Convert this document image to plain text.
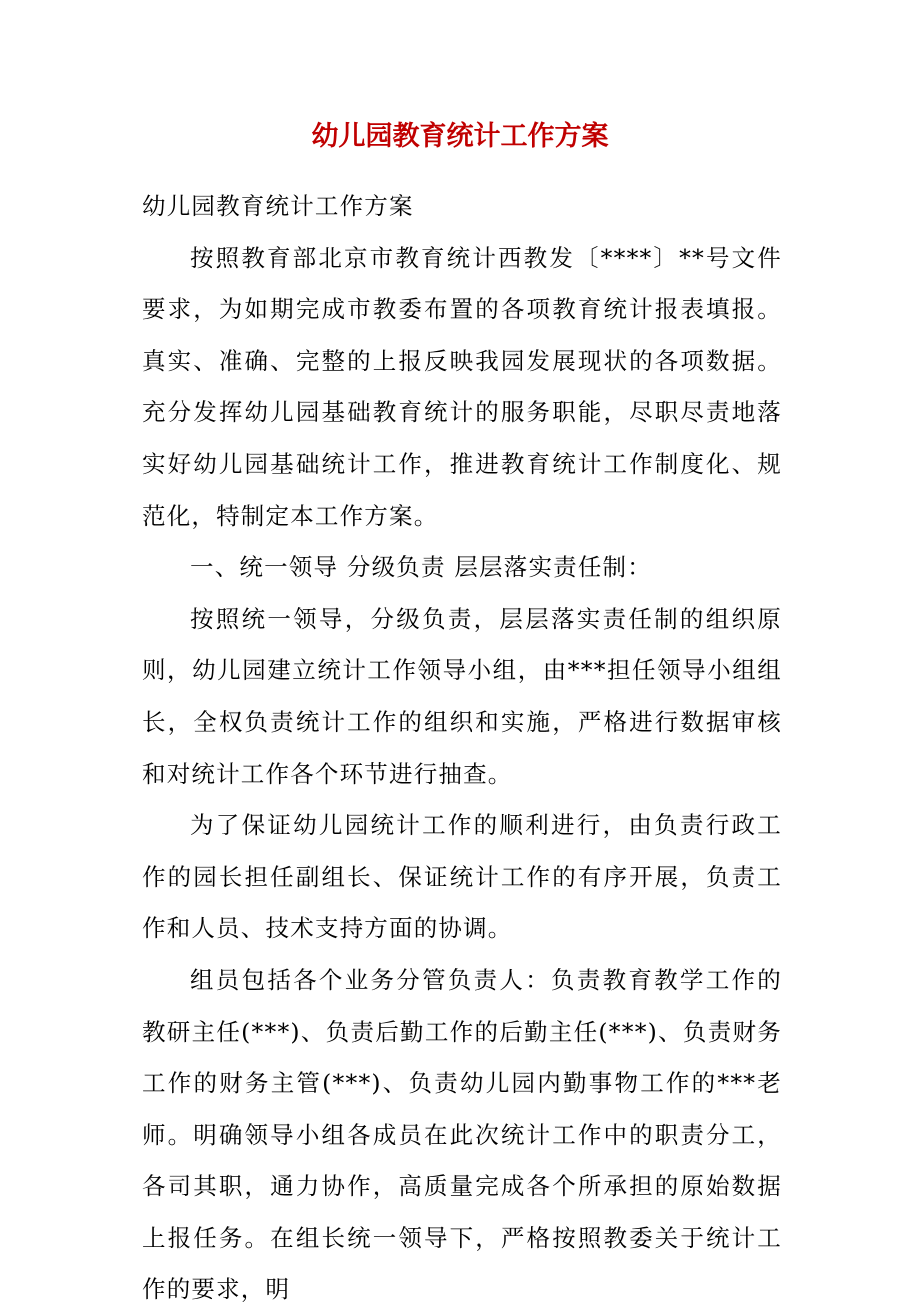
幼儿园教育统计工作方案

幼儿园教育统计工作方案

按照教育部北京市教育统计西教发〔****〕**号文件要求，为如期完成市教委布置的各项教育统计报表填报。真实、准确、完整的上报反映我园发展现状的各项数据。充分发挥幼儿园基础教育统计的服务职能，尽职尽责地落实好幼儿园基础统计工作，推进教育统计工作制度化、规范化，特制定本工作方案。

一、统一领导 分级负责 层层落实责任制：

按照统一领导，分级负责，层层落实责任制的组织原则，幼儿园建立统计工作领导小组，由***担任领导小组组长，全权负责统计工作的组织和实施，严格进行数据审核和对统计工作各个环节进行抽查。

为了保证幼儿园统计工作的顺利进行，由负责行政工作的园长担任副组长、保证统计工作的有序开展，负责工作和人员、技术支持方面的协调。

组员包括各个业务分管负责人：负责教育教学工作的教研主任(***)、负责后勤工作的后勤主任(***)、负责财务工作的财务主管(***)、负责幼儿园内勤事物工作的***老师。明确领导小组各成员在此次统计工作中的职责分工，各司其职，通力协作，高质量完成各个所承担的原始数据上报任务。在组长统一领导下，严格按照教委关于统计工作的要求，明
